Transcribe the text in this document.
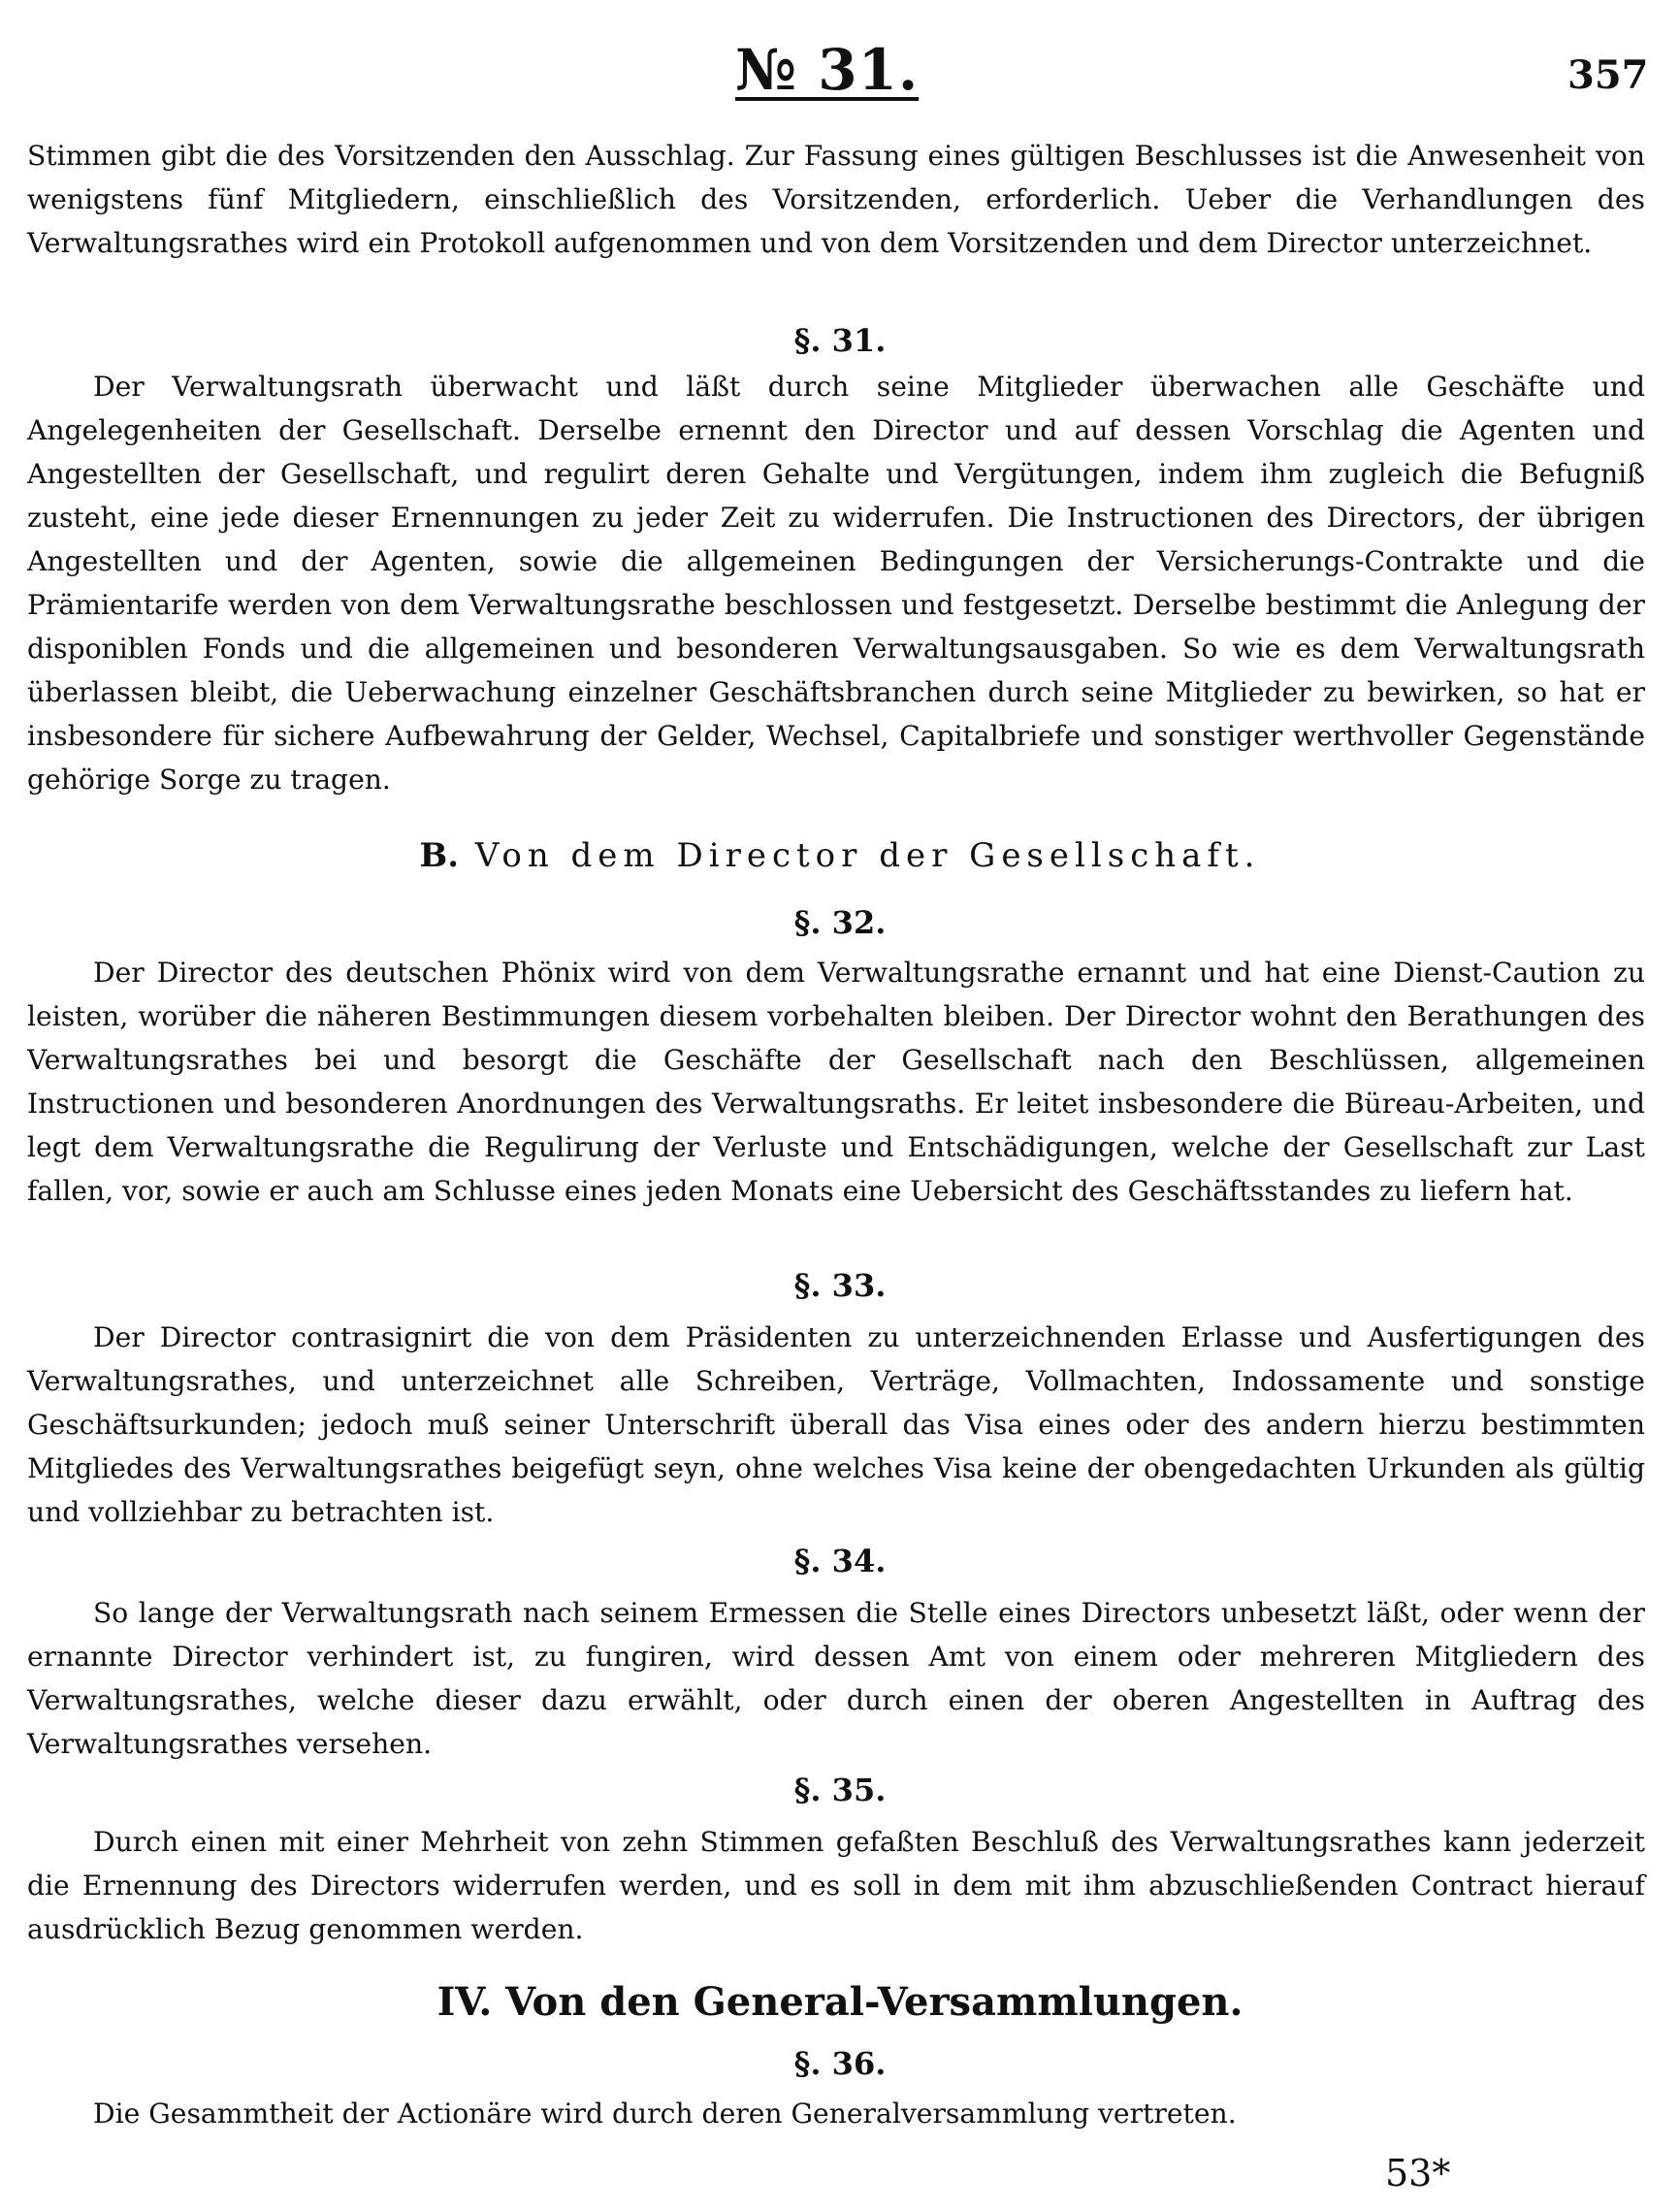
№ 31.	357

Stimmen gibt die des Vorsitzenden den Ausschlag. Zur Fassung eines gültigen Beschlusses ist die Anwesenheit von wenigstens fünf Mitgliedern, einschließlich des Vorsitzenden, erforderlich. Ueber die Verhandlungen des Verwaltungsrathes wird ein Protokoll aufgenommen und von dem Vorsitzenden und dem Director unterzeichnet.

§. 31.

Der Verwaltungsrath überwacht und läßt durch seine Mitglieder überwachen alle Geschäfte und Angelegenheiten der Gesellschaft. Derselbe ernennt den Director und auf dessen Vorschlag die Agenten und Angestellten der Gesellschaft, und regulirt deren Gehalte und Vergütungen, indem ihm zugleich die Befugniß zusteht, eine jede dieser Ernennungen zu jeder Zeit zu widerrufen. Die Instructionen des Directors, der übrigen Angestellten und der Agenten, sowie die allgemeinen Bedingungen der Versicherungs-Contrakte und die Prämientarife werden von dem Verwaltungsrathe beschlossen und festgesetzt. Derselbe bestimmt die Anlegung der disponiblen Fonds und die allgemeinen und besonderen Verwaltungsausgaben. So wie es dem Verwaltungsrath überlassen bleibt, die Ueberwachung einzelner Geschäftsbranchen durch seine Mitglieder zu bewirken, so hat er insbesondere für sichere Aufbewahrung der Gelder, Wechsel, Capitalbriefe und sonstiger werthvoller Gegenstände gehörige Sorge zu tragen.

B. Von dem Director der Gesellschaft.
§. 32.

Der Director des deutschen Phönix wird von dem Verwaltungsrathe ernannt und hat eine Dienst-Caution zu leisten, worüber die näheren Bestimmungen diesem vorbehalten bleiben. Der Director wohnt den Berathungen des Verwaltungsrathes bei und besorgt die Geschäfte der Gesellschaft nach den Beschlüssen, allgemeinen Instructionen und besonderen Anordnungen des Verwaltungsraths. Er leitet insbesondere die Büreau-Arbeiten, und legt dem Verwaltungsrathe die Regulirung der Verluste und Entschädigungen, welche der Gesellschaft zur Last fallen, vor, sowie er auch am Schlusse eines jeden Monats eine Uebersicht des Geschäftsstandes zu liefern hat.

§. 33.

Der Director contrasignirt die von dem Präsidenten zu unterzeichnenden Erlasse und Ausfertigungen des Verwaltungsrathes, und unterzeichnet alle Schreiben, Verträge, Vollmachten, Indossamente und sonstige Geschäftsurkunden; jedoch muß seiner Unterschrift überall das Visa eines oder des andern hierzu bestimmten Mitgliedes des Verwaltungsrathes beigefügt seyn, ohne welches Visa keine der obengedachten Urkunden als gültig und vollziehbar zu betrachten ist.

§. 34.

So lange der Verwaltungsrath nach seinem Ermessen die Stelle eines Directors unbesetzt läßt, oder wenn der ernannte Director verhindert ist, zu fungiren, wird dessen Amt von einem oder mehreren Mitgliedern des Verwaltungsrathes, welche dieser dazu erwählt, oder durch einen der oberen Angestellten in Auftrag des Verwaltungsrathes versehen.

§. 35.

Durch einen mit einer Mehrheit von zehn Stimmen gefaßten Beschluß des Verwaltungsrathes kann jederzeit die Ernennung des Directors widerrufen werden, und es soll in dem mit ihm abzuschließenden Contract hierauf ausdrücklich Bezug genommen werden.

IV. Von den General-Versammlungen.
§. 36.

Die Gesammtheit der Actionäre wird durch deren Generalversammlung vertreten.

53*
